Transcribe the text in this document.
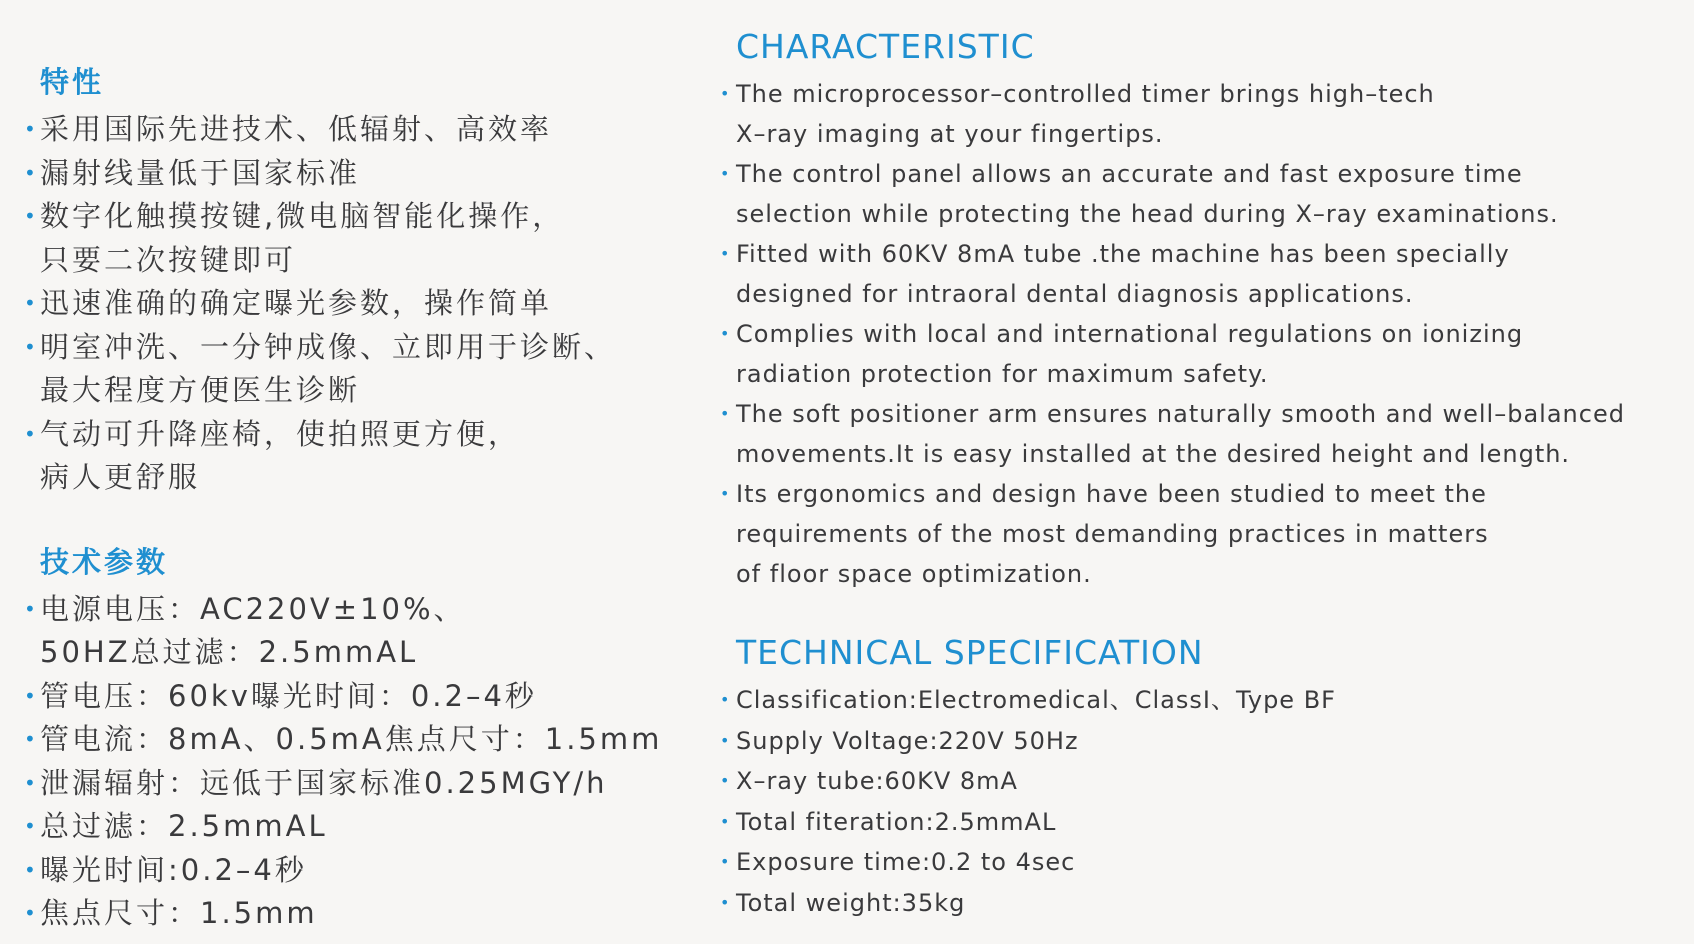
特性
• 采用国际先进技术、低辐射、高效率
• 漏射线量低于国家标准
• 数字化触摸按键,微电脑智能化操作，
只要二次按键即可
• 迅速准确的确定曝光参数，操作简单
• 明室冲洗、一分钟成像、立即用于诊断、
最大程度方便医生诊断
• 气动可升降座椅，使拍照更方便，
病人更舒服
技术参数
• 电源电压：AC220V±10%、
50HZ总过滤：2.5mmAL
• 管电压：60kv曝光时间：0.2–4秒
• 管电流：8mA、0.5mA焦点尺寸：1.5mm
• 泄漏辐射：远低于国家标准0.25MGY/h
• 总过滤：2.5mmAL
• 曝光时间:0.2–4秒
• 焦点尺寸：1.5mm
CHARACTERISTIC
• The microprocessor–controlled timer brings high–tech
X–ray imaging at your fingertips.
• The control panel allows an accurate and fast exposure time
selection while protecting the head during X–ray examinations.
• Fitted with 60KV 8mA tube .the machine has been specially
designed for intraoral dental diagnosis applications.
• Complies with local and international regulations on ionizing
radiation protection for maximum safety.
• The soft positioner arm ensures naturally smooth and well–balanced
movements.It is easy installed at the desired height and length.
• Its ergonomics and design have been studied to meet the
requirements of the most demanding practices in matters
of floor space optimization.
TECHNICAL SPECIFICATION
• Classification:Electromedical、ClassI、Type BF
• Supply Voltage:220V 50Hz
• X–ray tube:60KV 8mA
• Total fiteration:2.5mmAL
• Exposure time:0.2 to 4sec
• Total weight:35kg
